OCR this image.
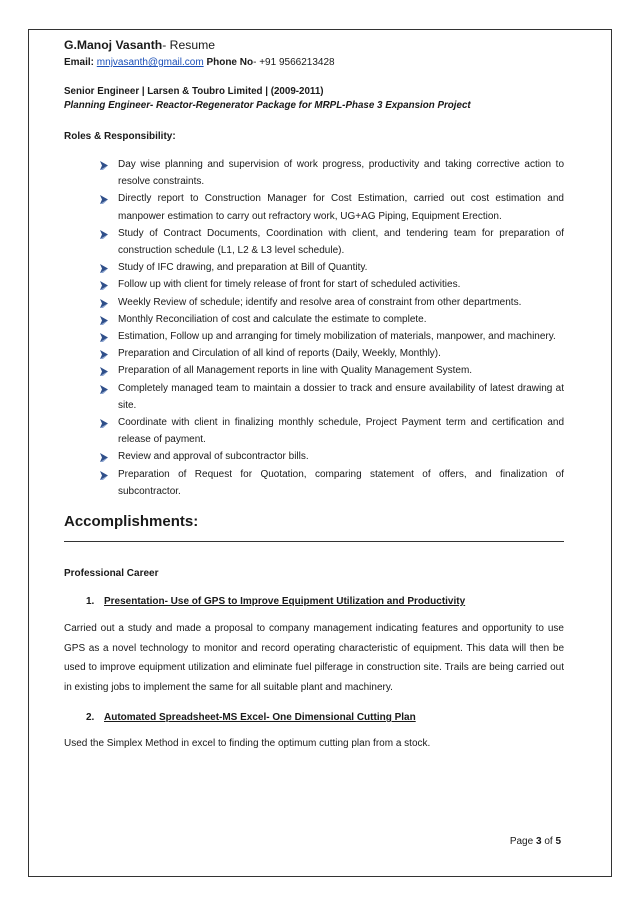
G.Manoj Vasanth- Resume
Email: mnjvasanth@gmail.com Phone No- +91 9566213428
Senior Engineer | Larsen & Toubro Limited | (2009-2011)
Planning Engineer- Reactor-Regenerator Package for MRPL-Phase 3 Expansion Project
Roles & Responsibility:
Day wise planning and supervision of work progress, productivity and taking corrective action to resolve constraints.
Directly report to Construction Manager for Cost Estimation, carried out cost estimation and manpower estimation to carry out refractory work, UG+AG Piping, Equipment Erection.
Study of Contract Documents, Coordination with client, and tendering team for preparation of construction schedule (L1, L2 & L3 level schedule).
Study of IFC drawing, and preparation at Bill of Quantity.
Follow up with client for timely release of front for start of scheduled activities.
Weekly Review of schedule; identify and resolve area of constraint from other departments.
Monthly Reconciliation of cost and calculate the estimate to complete.
Estimation, Follow up and arranging for timely mobilization of materials, manpower, and machinery.
Preparation and Circulation of all kind of reports (Daily, Weekly, Monthly).
Preparation of all Management reports in line with Quality Management System.
Completely managed team to maintain a dossier to track and ensure availability of latest drawing at site.
Coordinate with client in finalizing monthly schedule, Project Payment term and certification and release of payment.
Review and approval of subcontractor bills.
Preparation of Request for Quotation, comparing statement of offers, and finalization of subcontractor.
Accomplishments:
Professional Career
1. Presentation- Use of GPS to Improve Equipment Utilization and Productivity
Carried out a study and made a proposal to company management indicating features and opportunity to use GPS as a novel technology to monitor and record operating characteristic of equipment. This data will then be used to improve equipment utilization and eliminate fuel pilferage in construction site. Trails are being carried out in existing jobs to implement the same for all suitable plant and machinery.
2. Automated Spreadsheet-MS Excel- One Dimensional Cutting Plan
Used the Simplex Method in excel to finding the optimum cutting plan from a stock.
Page 3 of 5
